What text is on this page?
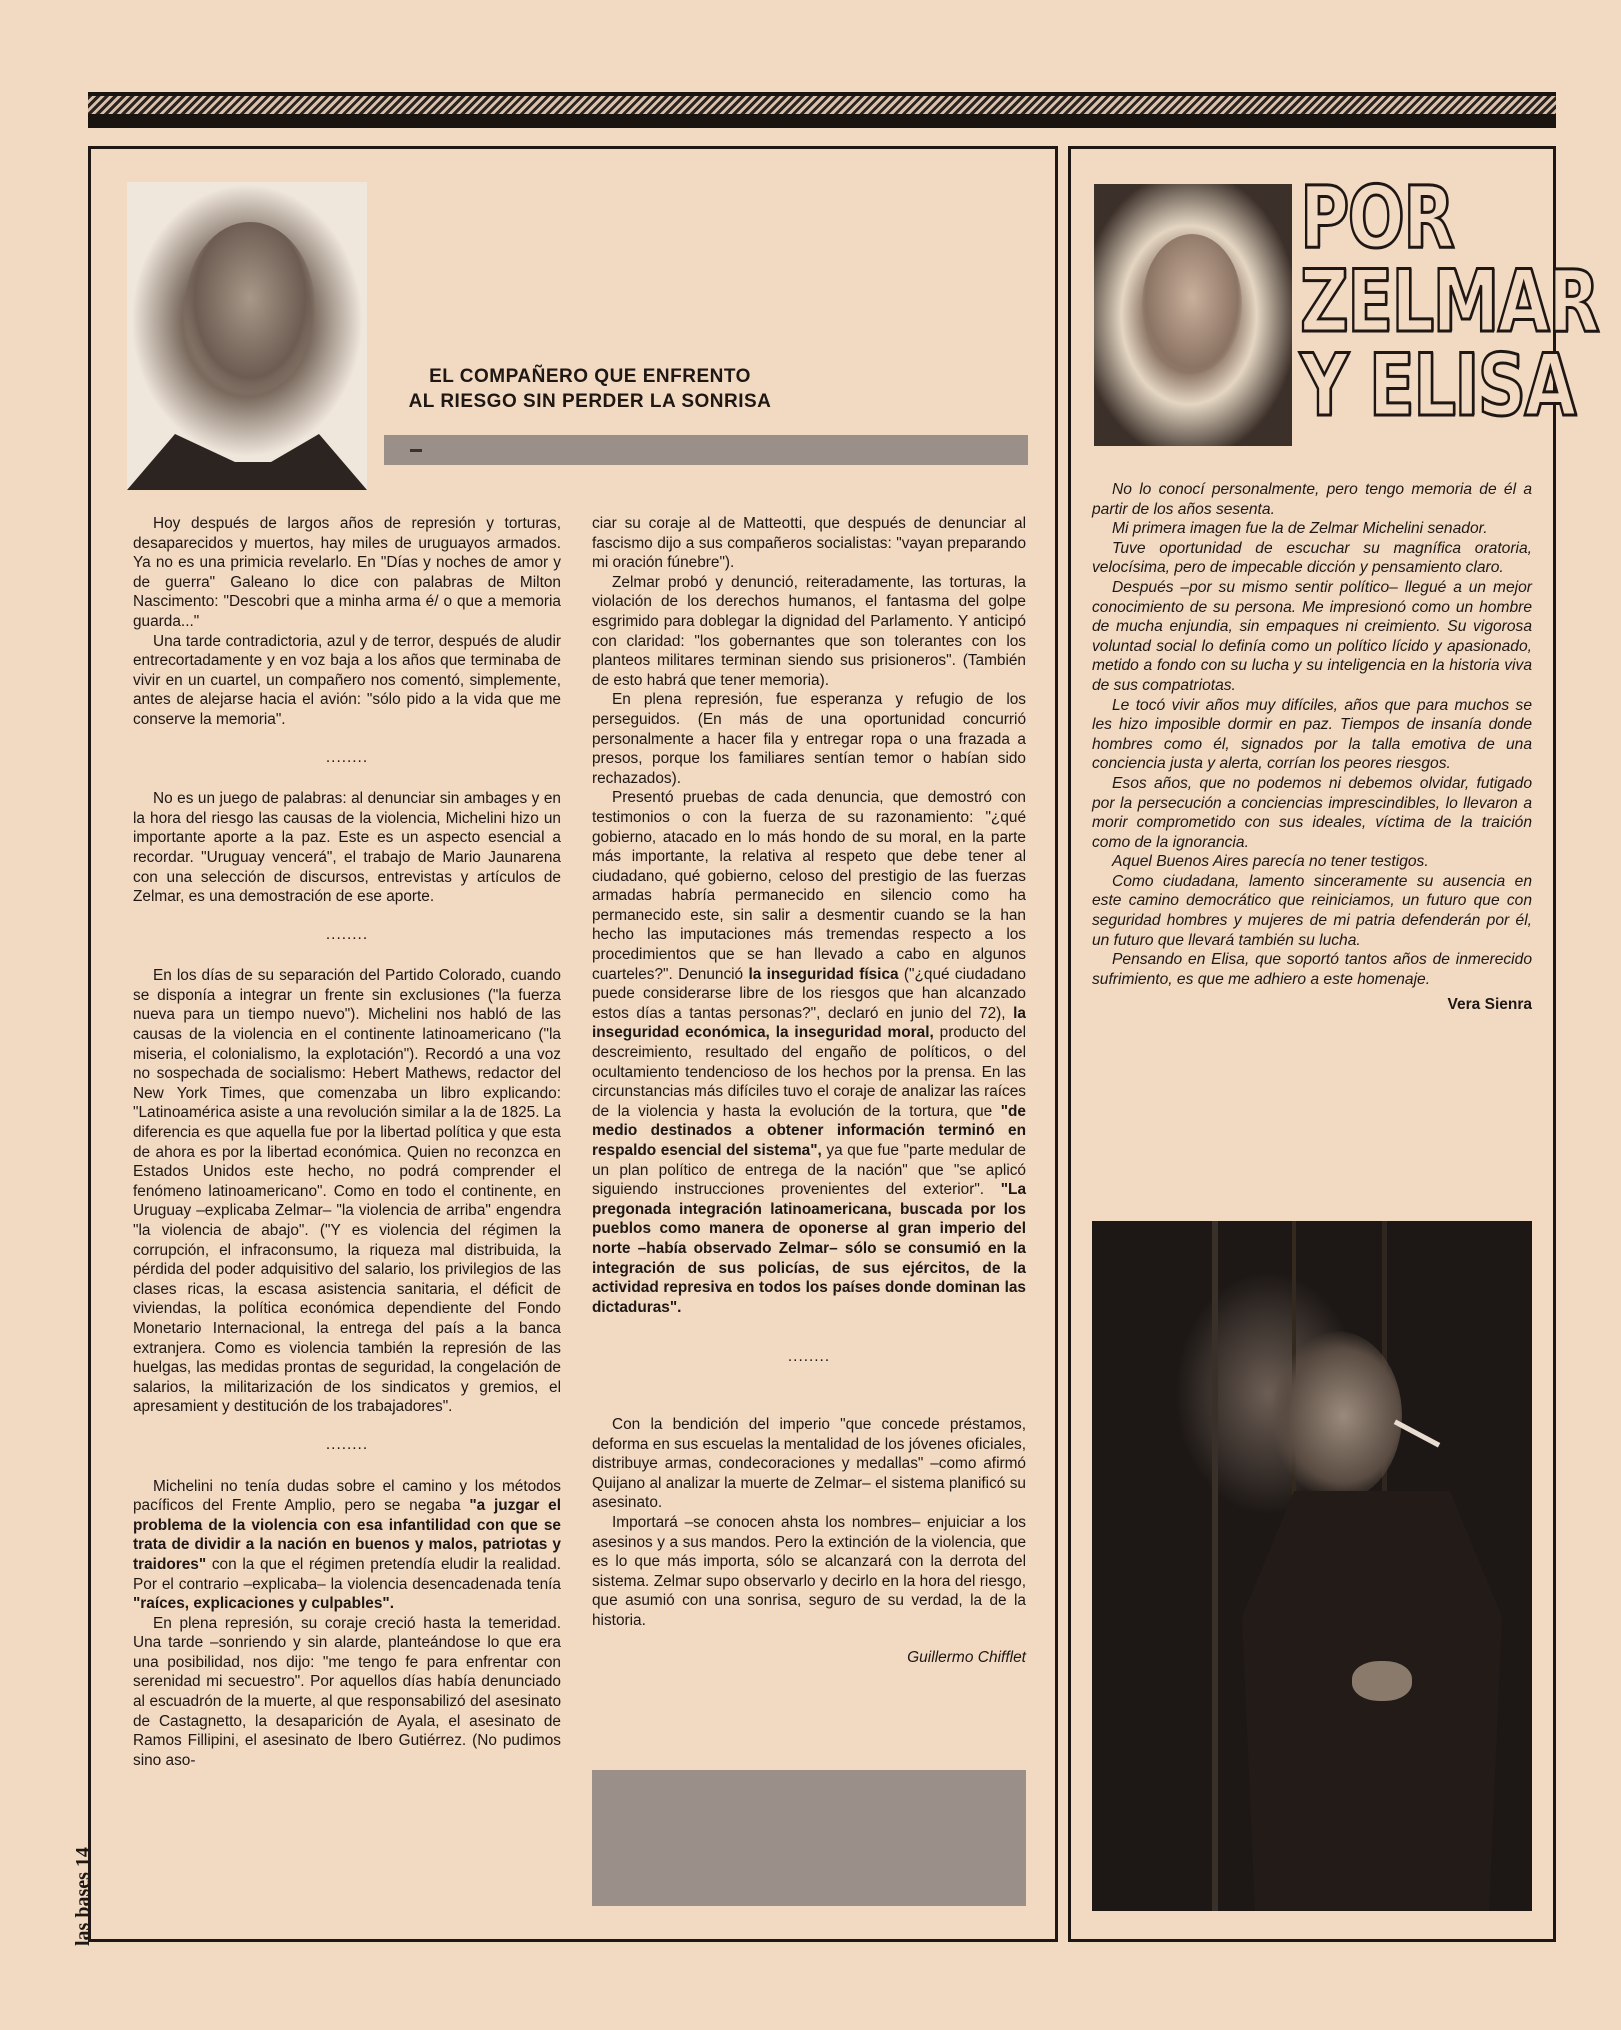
EL COMPAÑERO QUE ENFRENTO
AL RIESGO SIN PERDER LA SONRISA
POR
ZELMAR
Y ELISA

Hoy después de largos años de represión y torturas, desaparecidos y muertos, hay miles de uruguayos armados. Ya no es una primicia revelarlo. En "Días y noches de amor y de guerra" Galeano lo dice con palabras de Milton Nascimento: "Descobri que a minha arma é/ o que a memoria guarda..."

Una tarde contradictoria, azul y de terror, después de aludir entrecortadamente y en voz baja a los años que terminaba de vivir en un cuartel, un compañero nos comentó, simplemente, antes de alejarse hacia el avión: "sólo pido a la vida que me conserve la memoria".

........

No es un juego de palabras: al denunciar sin ambages y en la hora del riesgo las causas de la violencia, Michelini hizo un importante aporte a la paz. Este es un aspecto esencial a recordar. "Uruguay vencerá", el trabajo de Mario Jaunarena con una selección de discursos, entrevistas y artículos de Zelmar, es una demostración de ese aporte.

........

En los días de su separación del Partido Colorado, cuando se disponía a integrar un frente sin exclusiones ("la fuerza nueva para un tiempo nuevo"). Michelini nos habló de las causas de la violencia en el continente latinoamericano ("la miseria, el colonialismo, la explotación"). Recordó a una voz no sospechada de socialismo: Hebert Mathews, redactor del New York Times, que comenzaba un libro explicando: "Latinoamérica asiste a una revolución similar a la de 1825. La diferencia es que aquella fue por la libertad política y que esta de ahora es por la libertad económica. Quien no reconzca en Estados Unidos este hecho, no podrá comprender el fenómeno latinoamericano". Como en todo el continente, en Uruguay –explicaba Zelmar– "la violencia de arriba" engendra "la violencia de abajo". ("Y es violencia del régimen la corrupción, el infraconsumo, la riqueza mal distribuida, la pérdida del poder adquisitivo del salario, los privilegios de las clases ricas, la escasa asistencia sanitaria, el déficit de viviendas, la política económica dependiente del Fondo Monetario Internacional, la entrega del país a la banca extranjera. Como es violencia también la represión de las huelgas, las medidas prontas de seguridad, la congelación de salarios, la militarización de los sindicatos y gremios, el apresamient y destitución de los trabajadores".

........

Michelini no tenía dudas sobre el camino y los métodos pacíficos del Frente Amplio, pero se negaba "a juzgar el problema de la violencia con esa infantilidad con que se trata de dividir a la nación en buenos y malos, patriotas y traidores" con la que el régimen pretendía eludir la realidad. Por el contrario –explicaba– la violencia desencadenada tenía "raíces, explicaciones y culpables".

En plena represión, su coraje creció hasta la temeridad. Una tarde –sonriendo y sin alarde, planteándose lo que era una posibilidad, nos dijo: "me tengo fe para enfrentar con serenidad mi secuestro". Por aquellos días había denunciado al escuadrón de la muerte, al que responsabilizó del asesinato de Castagnetto, la desaparición de Ayala, el asesinato de Ramos Fillipini, el asesinato de Ibero Gutiérrez. (No pudimos sino aso-

ciar su coraje al de Matteotti, que después de denunciar al fascismo dijo a sus compañeros socialistas: "vayan preparando mi oración fúnebre").

Zelmar probó y denunció, reiteradamente, las torturas, la violación de los derechos humanos, el fantasma del golpe esgrimido para doblegar la dignidad del Parlamento. Y anticipó con claridad: "los gobernantes que son tolerantes con los planteos militares terminan siendo sus prisioneros". (También de esto habrá que tener memoria).

En plena represión, fue esperanza y refugio de los perseguidos. (En más de una oportunidad concurrió personalmente a hacer fila y entregar ropa o una frazada a presos, porque los familiares sentían temor o habían sido rechazados).

Presentó pruebas de cada denuncia, que demostró con testimonios o con la fuerza de su razonamiento: "¿qué gobierno, atacado en lo más hondo de su moral, en la parte más importante, la relativa al respeto que debe tener al ciudadano, qué gobierno, celoso del prestigio de las fuerzas armadas habría permanecido en silencio como ha permanecido este, sin salir a desmentir cuando se la han hecho las imputaciones más tremendas respecto a los procedimientos que se han llevado a cabo en algunos cuarteles?". Denunció la inseguridad física ("¿qué ciudadano puede considerarse libre de los riesgos que han alcanzado estos días a tantas personas?", declaró en junio del 72), la inseguridad económica, la inseguridad moral, producto del descreimiento, resultado del engaño de políticos, o del ocultamiento tendencioso de los hechos por la prensa. En las circunstancias más difíciles tuvo el coraje de analizar las raíces de la violencia y hasta la evolución de la tortura, que "de medio destinados a obtener información terminó en respaldo esencial del sistema", ya que fue "parte medular de un plan político de entrega de la nación" que "se aplicó siguiendo instrucciones provenientes del exterior". "La pregonada integración latinoamericana, buscada por los pueblos como manera de oponerse al gran imperio del norte –había observado Zelmar– sólo se consumió en la integración de sus policías, de sus ejércitos, de la actividad represiva en todos los países donde dominan las dictaduras".

........

Con la bendición del imperio "que concede préstamos, deforma en sus escuelas la mentalidad de los jóvenes oficiales, distribuye armas, condecoraciones y medallas" –como afirmó Quijano al analizar la muerte de Zelmar– el sistema planificó su asesinato.

Importará –se conocen ahsta los nombres– enjuiciar a los asesinos y a sus mandos. Pero la extinción de la violencia, que es lo que más importa, sólo se alcanzará con la derrota del sistema. Zelmar supo observarlo y decirlo en la hora del riesgo, que asumió con una sonrisa, seguro de su verdad, la de la historia.

Guillermo Chifflet

No lo conocí personalmente, pero tengo memoria de él a partir de los años sesenta.

Mi primera imagen fue la de Zelmar Michelini senador.

Tuve oportunidad de escuchar su magnífica oratoria, velocísima, pero de impecable dicción y pensamiento claro.

Después –por su mismo sentir político– llegué a un mejor conocimiento de su persona. Me impresionó como un hombre de mucha enjundia, sin empaques ni creimiento. Su vigorosa voluntad social lo definía como un político lícido y apasionado, metido a fondo con su lucha y su inteligencia en la historia viva de sus compatriotas.

Le tocó vivir años muy difíciles, años que para muchos se les hizo imposible dormir en paz. Tiempos de insanía donde hombres como él, signados por la talla emotiva de una conciencia justa y alerta, corrían los peores riesgos.

Esos años, que no podemos ni debemos olvidar, futigado por la persecución a conciencias imprescindibles, lo llevaron a morir comprometido con sus ideales, víctima de la traición como de la ignorancia.

Aquel Buenos Aires parecía no tener testigos.

Como ciudadana, lamento sinceramente su ausencia en este camino democrático que reiniciamos, un futuro que con seguridad hombres y mujeres de mi patria defenderán por él, un futuro que llevará también su lucha.

Pensando en Elisa, que soportó tantos años de inmerecido sufrimiento, es que me adhiero a este homenaje.

Vera Sienra

las bases 14
